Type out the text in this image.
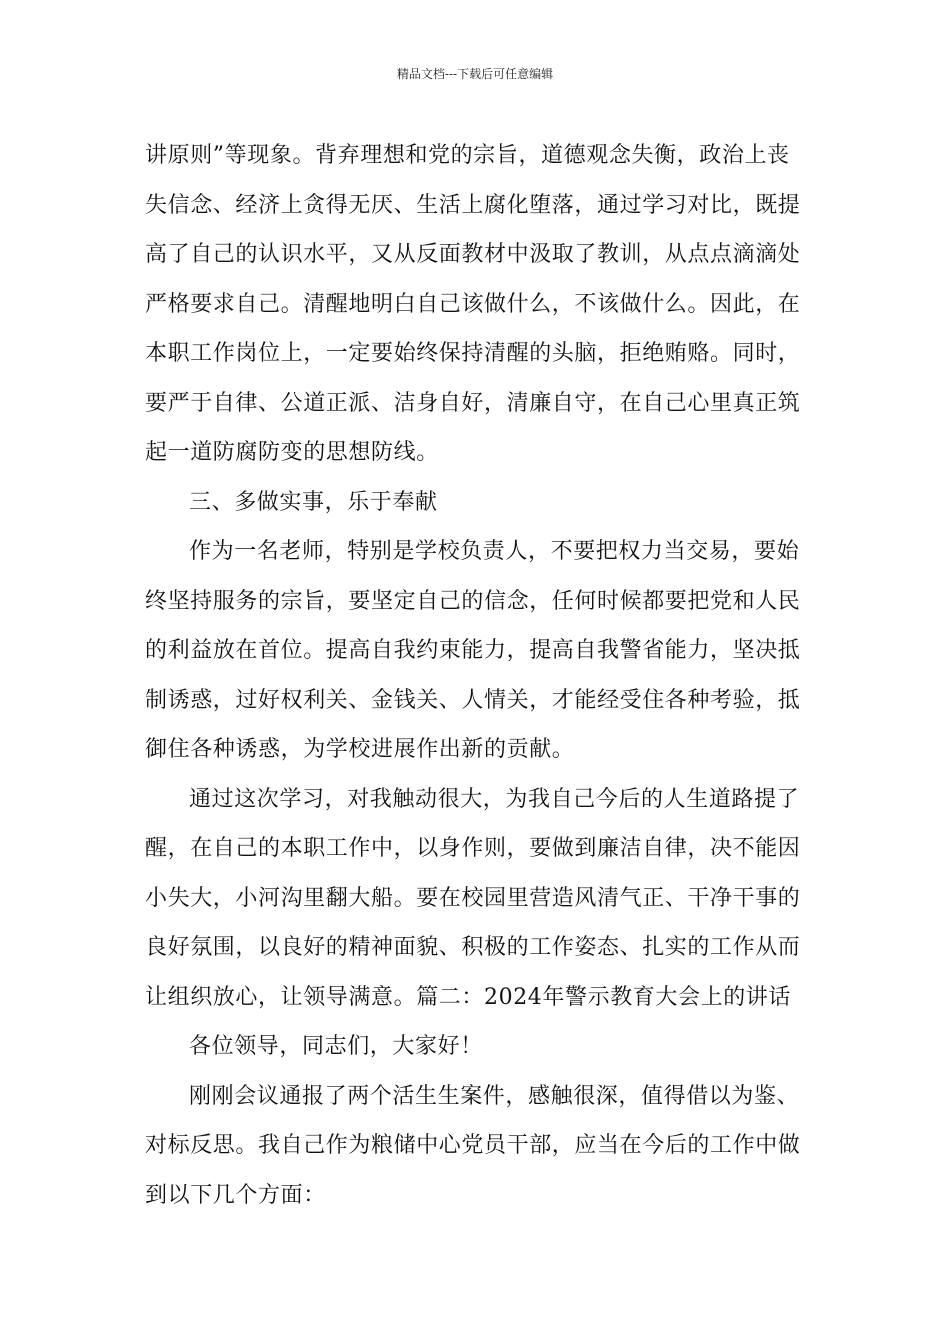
精品文档---下载后可任意编辑
讲原则”等现象。背弃理想和党的宗旨，道德观念失衡，政治上丧
失信念、经济上贪得无厌、生活上腐化堕落，通过学习对比，既提
高了自己的认识水平，又从反面教材中汲取了教训，从点点滴滴处
严格要求自己。清醒地明白自己该做什么，不该做什么。因此，在
本职工作岗位上，一定要始终保持清醒的头脑，拒绝贿赂。同时，
要严于自律、公道正派、洁身自好，清廉自守，在自己心里真正筑
起一道防腐防变的思想防线。
三、多做实事，乐于奉献
作为一名老师，特别是学校负责人，不要把权力当交易，要始
终坚持服务的宗旨，要坚定自己的信念，任何时候都要把党和人民
的利益放在首位。提高自我约束能力，提高自我警省能力，坚决抵
制诱惑，过好权利关、金钱关、人情关，才能经受住各种考验，抵
御住各种诱惑，为学校进展作出新的贡献。
通过这次学习，对我触动很大，为我自己今后的人生道路提了
醒，在自己的本职工作中，以身作则，要做到廉洁自律，决不能因
小失大，小河沟里翻大船。要在校园里营造风清气正、干净干事的
良好氛围，以良好的精神面貌、积极的工作姿态、扎实的工作从而
让组织放心，让领导满意。篇二：2024年警示教育大会上的讲话
各位领导，同志们，大家好！
刚刚会议通报了两个活生生案件，感触很深，值得借以为鉴、
对标反思。我自己作为粮储中心党员干部，应当在今后的工作中做
到以下几个方面：
